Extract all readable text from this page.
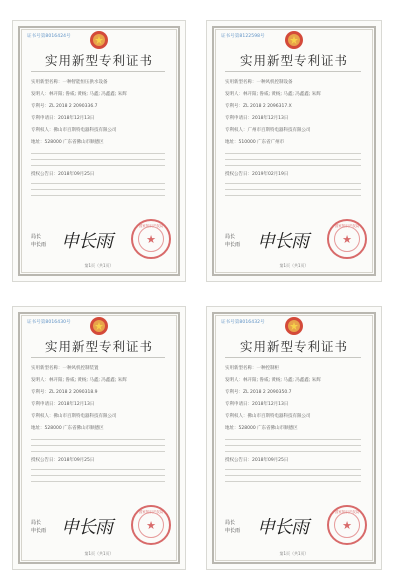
证书号第8016424号
实用新型专利证书
实用新型名称：一种智能恒压供水设备
发明人：林开阳; 鲁威; 黄杨; 马鑫; 冯鑫鑫; 朱辉
专利号：ZL 2018 2 2090336.7
专利申请日：2018年12月13日
专利权人：佛山市百斯特电器科技有限公司
地址：528000 广东省佛山市顺德区
授权公告日：2018年09月25日
局长
申长雨 申长雨
国家知识产权局
★
第1页（共1页）
证书号第8122598号
实用新型专利证书
实用新型名称：一种风机控制设备
发明人：林开阳; 鲁威; 黄杨; 马鑫; 冯鑫鑫; 朱辉
专利号：ZL 2018 2 2096317.X
专利申请日：2018年12月13日
专利权人：广州市百斯特电器科技有限公司
地址：510000 广东省广州市
授权公告日：2019年02月19日
局长
申长雨 申长雨
国家知识产权局
★
第1页（共1页）
证书号第8016430号
实用新型专利证书
实用新型名称：一种风机控制装置
发明人：林开阳; 鲁威; 黄杨; 马鑫; 冯鑫鑫; 朱辉
专利号：ZL 2018 2 2090318.9
专利申请日：2018年12月13日
专利权人：佛山市百斯特电器科技有限公司
地址：528000 广东省佛山市顺德区
授权公告日：2018年09月25日
局长
申长雨 申长雨
国家知识产权局
★
第1页（共1页）
证书号第8016432号
实用新型专利证书
实用新型名称：一种控制柜
发明人：林开阳; 鲁威; 黄杨; 马鑫; 冯鑫鑫; 朱辉
专利号：ZL 2018 2 2090350.7
专利申请日：2018年12月13日
专利权人：佛山市百斯特电器科技有限公司
地址：528000 广东省佛山市顺德区
授权公告日：2018年09月25日
局长
申长雨 申长雨
国家知识产权局
★
第1页（共1页）
